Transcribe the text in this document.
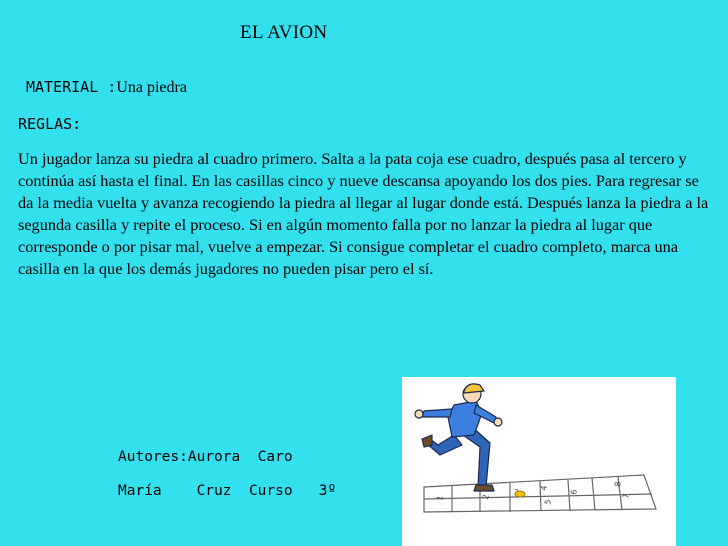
EL AVION
MATERIAL :Una piedra
REGLAS:
Un jugador lanza su piedra al cuadro primero. Salta a la pata coja ese cuadro, después pasa al tercero y continúa así hasta el final. En las casillas cinco y nueve descansa apoyando los dos pies. Para regresar se da la media vuelta y avanza recogiendo la piedra al llegar al lugar donde está. Después lanza la piedra a la segunda casilla y repite el proceso. Si en algún momento falla por no lanzar la piedra al lugar que corresponde o por pisar mal, vuelve a empezar. Si consigue completar el cuadro completo, marca una casilla en la que los demás jugadores no pueden pisar pero el sí.
Autores:Aurora  Caro
María    Cruz  Curso   3º	1	2
4
5
6
7
8
